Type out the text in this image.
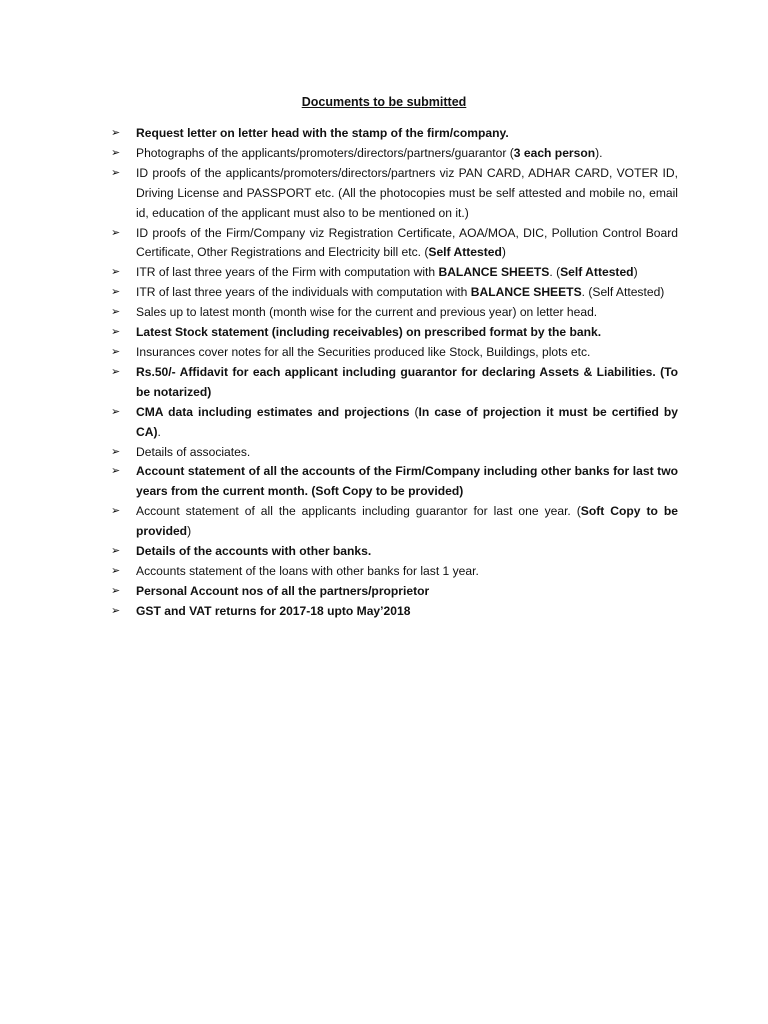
Documents to be submitted
➢ Request letter on letter head with the stamp of the firm/company.
➢ Photographs of the applicants/promoters/directors/partners/guarantor (3 each person).
➢ ID proofs of the applicants/promoters/directors/partners viz PAN CARD, ADHAR CARD, VOTER ID, Driving License and PASSPORT etc. (All the photocopies must be self attested and mobile no, email id, education of the applicant must also to be mentioned on it.)
➢ ID proofs of the Firm/Company viz Registration Certificate, AOA/MOA, DIC, Pollution Control Board Certificate, Other Registrations and Electricity bill etc. (Self Attested)
➢ ITR of last three years of the Firm with computation with BALANCE SHEETS. (Self Attested)
➢ ITR of last three years of the individuals with computation with BALANCE SHEETS. (Self Attested)
➢ Sales up to latest month (month wise for the current and previous year) on letter head.
➢ Latest Stock statement (including receivables) on prescribed format by the bank.
➢ Insurances cover notes for all the Securities produced like Stock, Buildings, plots etc.
➢ Rs.50/- Affidavit for each applicant including guarantor for declaring Assets & Liabilities. (To be notarized)
➢ CMA data including estimates and projections (In case of projection it must be certified by CA).
➢ Details of associates.
➢ Account statement of all the accounts of the Firm/Company including other banks for last two years from the current month. (Soft Copy to be provided)
➢ Account statement of all the applicants including guarantor for last one year. (Soft Copy to be provided)
➢ Details of the accounts with other banks.
➢ Accounts statement of the loans with other banks for last 1 year.
➢ Personal Account nos of all the partners/proprietor
➢ GST and VAT returns for 2017-18 upto May’2018
